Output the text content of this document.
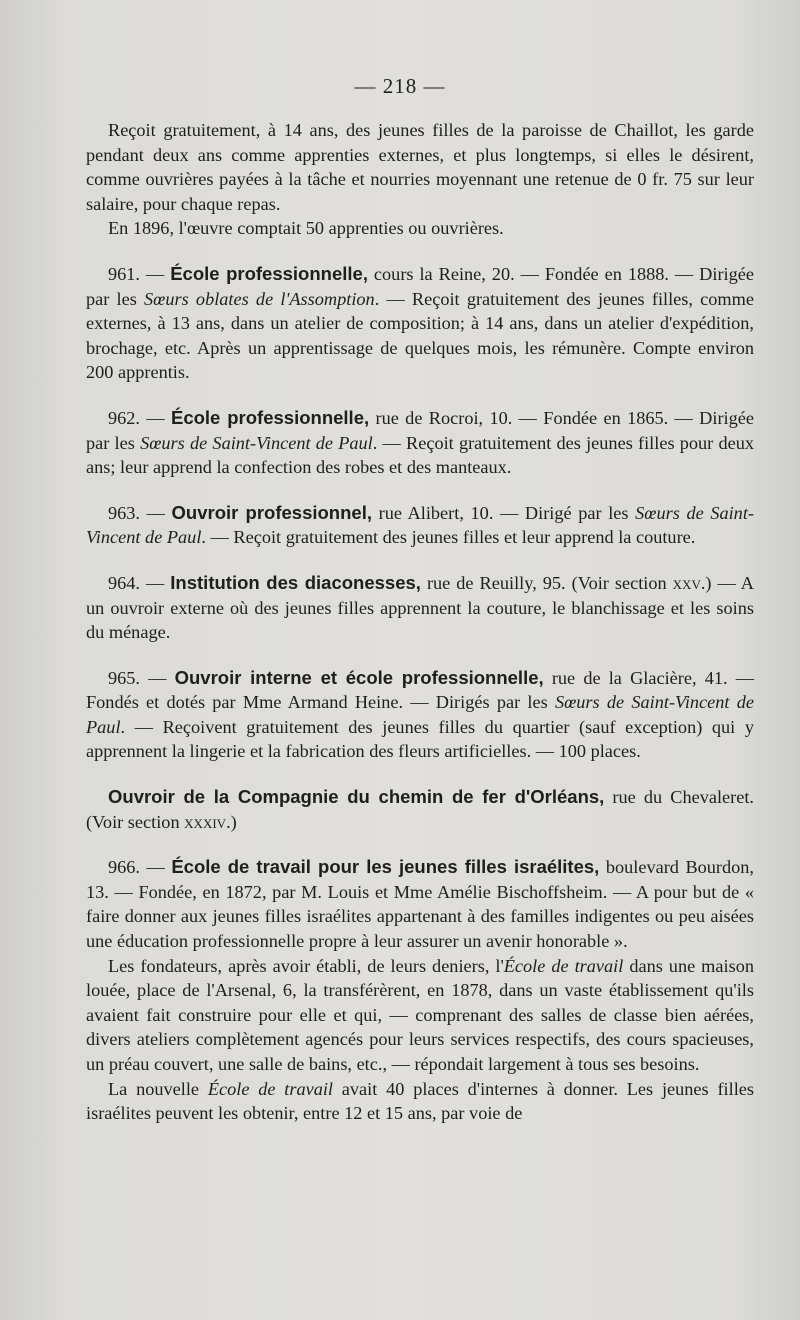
— 218 —

Reçoit gratuitement, à 14 ans, des jeunes filles de la paroisse de Chaillot, les garde pendant deux ans comme apprenties externes, et plus longtemps, si elles le désirent, comme ouvrières payées à la tâche et nourries moyennant une retenue de 0 fr. 75 sur leur salaire, pour chaque repas.

En 1896, l'œuvre comptait 50 apprenties ou ouvrières.

961. — École professionnelle, cours la Reine, 20. — Fondée en 1888. — Dirigée par les Sœurs oblates de l'Assomption. — Reçoit gratuitement des jeunes filles, comme externes, à 13 ans, dans un atelier de composition; à 14 ans, dans un atelier d'expédition, brochage, etc. Après un apprentissage de quelques mois, les rémunère. Compte environ 200 apprentis.

962. — École professionnelle, rue de Rocroi, 10. — Fondée en 1865. — Dirigée par les Sœurs de Saint-Vincent de Paul. — Reçoit gratuitement des jeunes filles pour deux ans; leur apprend la confection des robes et des manteaux.

963. — Ouvroir professionnel, rue Alibert, 10. — Dirigé par les Sœurs de Saint-Vincent de Paul. — Reçoit gratuitement des jeunes filles et leur apprend la couture.

964. — Institution des diaconesses, rue de Reuilly, 95. (Voir section xxv.) — A un ouvroir externe où des jeunes filles apprennent la couture, le blanchissage et les soins du ménage.

965. — Ouvroir interne et école professionnelle, rue de la Glacière, 41. — Fondés et dotés par Mme Armand Heine. — Dirigés par les Sœurs de Saint-Vincent de Paul. — Reçoivent gratuitement des jeunes filles du quartier (sauf exception) qui y apprennent la lingerie et la fabrication des fleurs artificielles. — 100 places.

Ouvroir de la Compagnie du chemin de fer d'Orléans, rue du Chevaleret. (Voir section xxxiv.)

966. — École de travail pour les jeunes filles israélites, boulevard Bourdon, 13. — Fondée, en 1872, par M. Louis et Mme Amélie Bischoffsheim. — A pour but de « faire donner aux jeunes filles israélites appartenant à des familles indigentes ou peu aisées une éducation professionnelle propre à leur assurer un avenir honorable ».

Les fondateurs, après avoir établi, de leurs deniers, l'École de travail dans une maison louée, place de l'Arsenal, 6, la transférèrent, en 1878, dans un vaste établissement qu'ils avaient fait construire pour elle et qui, — comprenant des salles de classe bien aérées, divers ateliers complètement agencés pour leurs services respectifs, des cours spacieuses, un préau couvert, une salle de bains, etc., — répondait largement à tous ses besoins.

La nouvelle École de travail avait 40 places d'internes à donner. Les jeunes filles israélites peuvent les obtenir, entre 12 et 15 ans, par voie de
